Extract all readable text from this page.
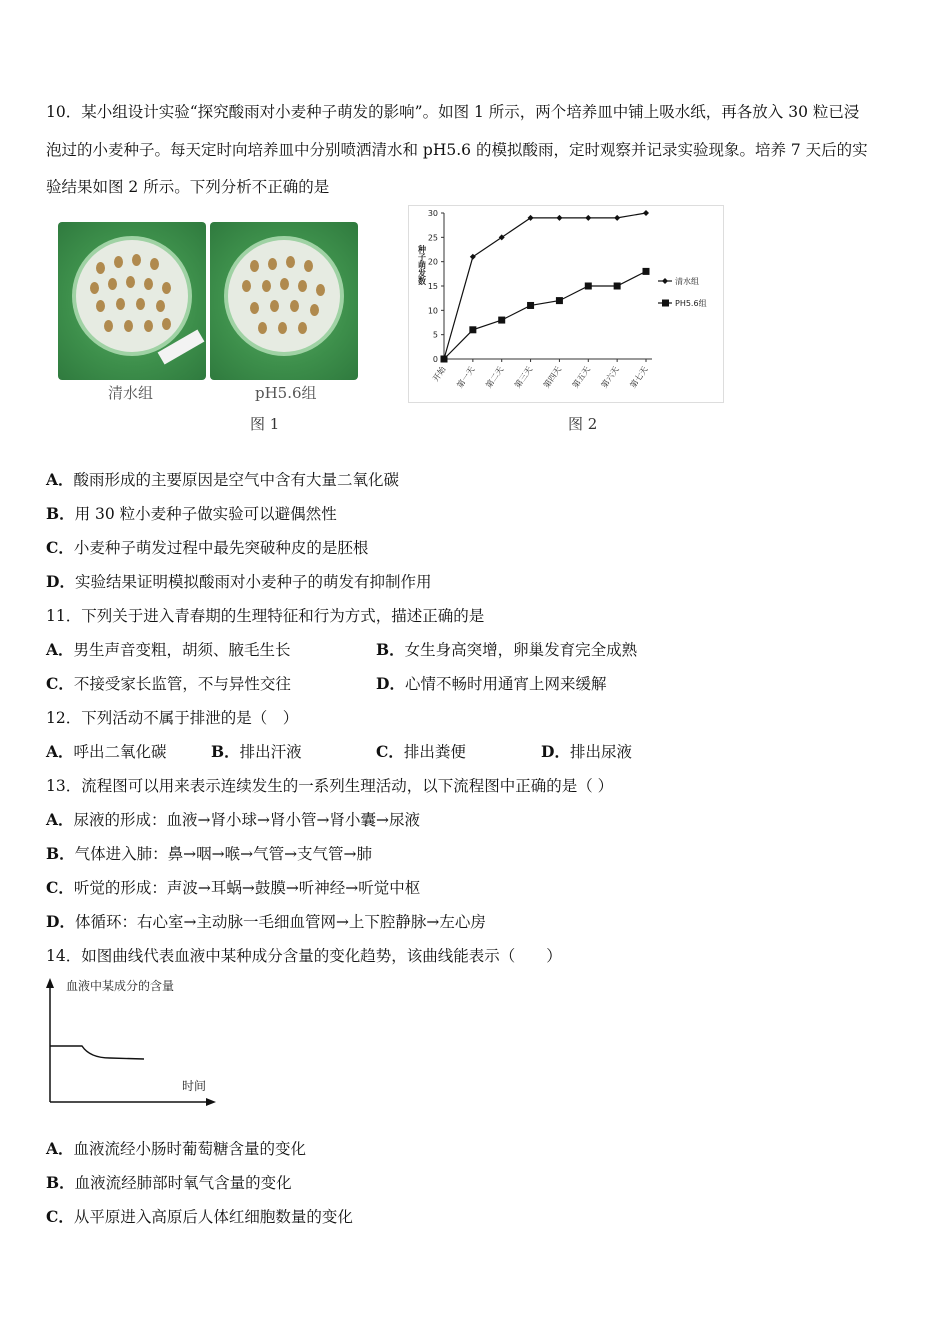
10．某小组设计实验“探究酸雨对小麦种子萌发的影响”。如图 1 所示，两个培养皿中铺上吸水纸，再各放入 30 粒已浸
泡过的小麦种子。每天定时向培养皿中分别喷洒清水和 pH5.6 的模拟酸雨，定时观察并记录实验现象。培养 7 天后的实
验结果如图 2 所示。下列分析不正确的是
清水组	pH5.6组
图 1
0
5
10
15
20
25
30
种子萌发数
开始 第一天 第二天 第三天 第四天 第五天 第六天 第七天
清水组
PH5.6组
图 2
A．酸雨形成的主要原因是空气中含有大量二氧化碳
B．用 30 粒小麦种子做实验可以避偶然性
C．小麦种子萌发过程中最先突破种皮的是胚根
D．实验结果证明模拟酸雨对小麦种子的萌发有抑制作用
11．下列关于进入青春期的生理特征和行为方式，描述正确的是
A．男生声音变粗，胡须、腋毛生长	B．女生身高突增，卵巢发育完全成熟
C．不接受家长监管，不与异性交往	D．心情不畅时用通宵上网来缓解
12．下列活动不属于排泄的是（　）
A．呼出二氧化碳	B．排出汗液	C．排出粪便	D．排出尿液
13．流程图可以用来表示连续发生的一系列生理活动，以下流程图中正确的是（ ）
A．尿液的形成：血液→肾小球→肾小管→肾小囊→尿液
B．气体进入肺：鼻→咽→喉→气管→支气管→肺
C．听觉的形成：声波→耳蜗→鼓膜→听神经→听觉中枢
D．体循环：右心室→主动脉一毛细血管网→上下腔静脉→左心房
14．如图曲线代表血液中某种成分含量的变化趋势，该曲线能表示（　　）
血液中某成分的含量
时间
A．血液流经小肠时葡萄糖含量的变化
B．血液流经肺部时氧气含量的变化
C．从平原进入高原后人体红细胞数量的变化
